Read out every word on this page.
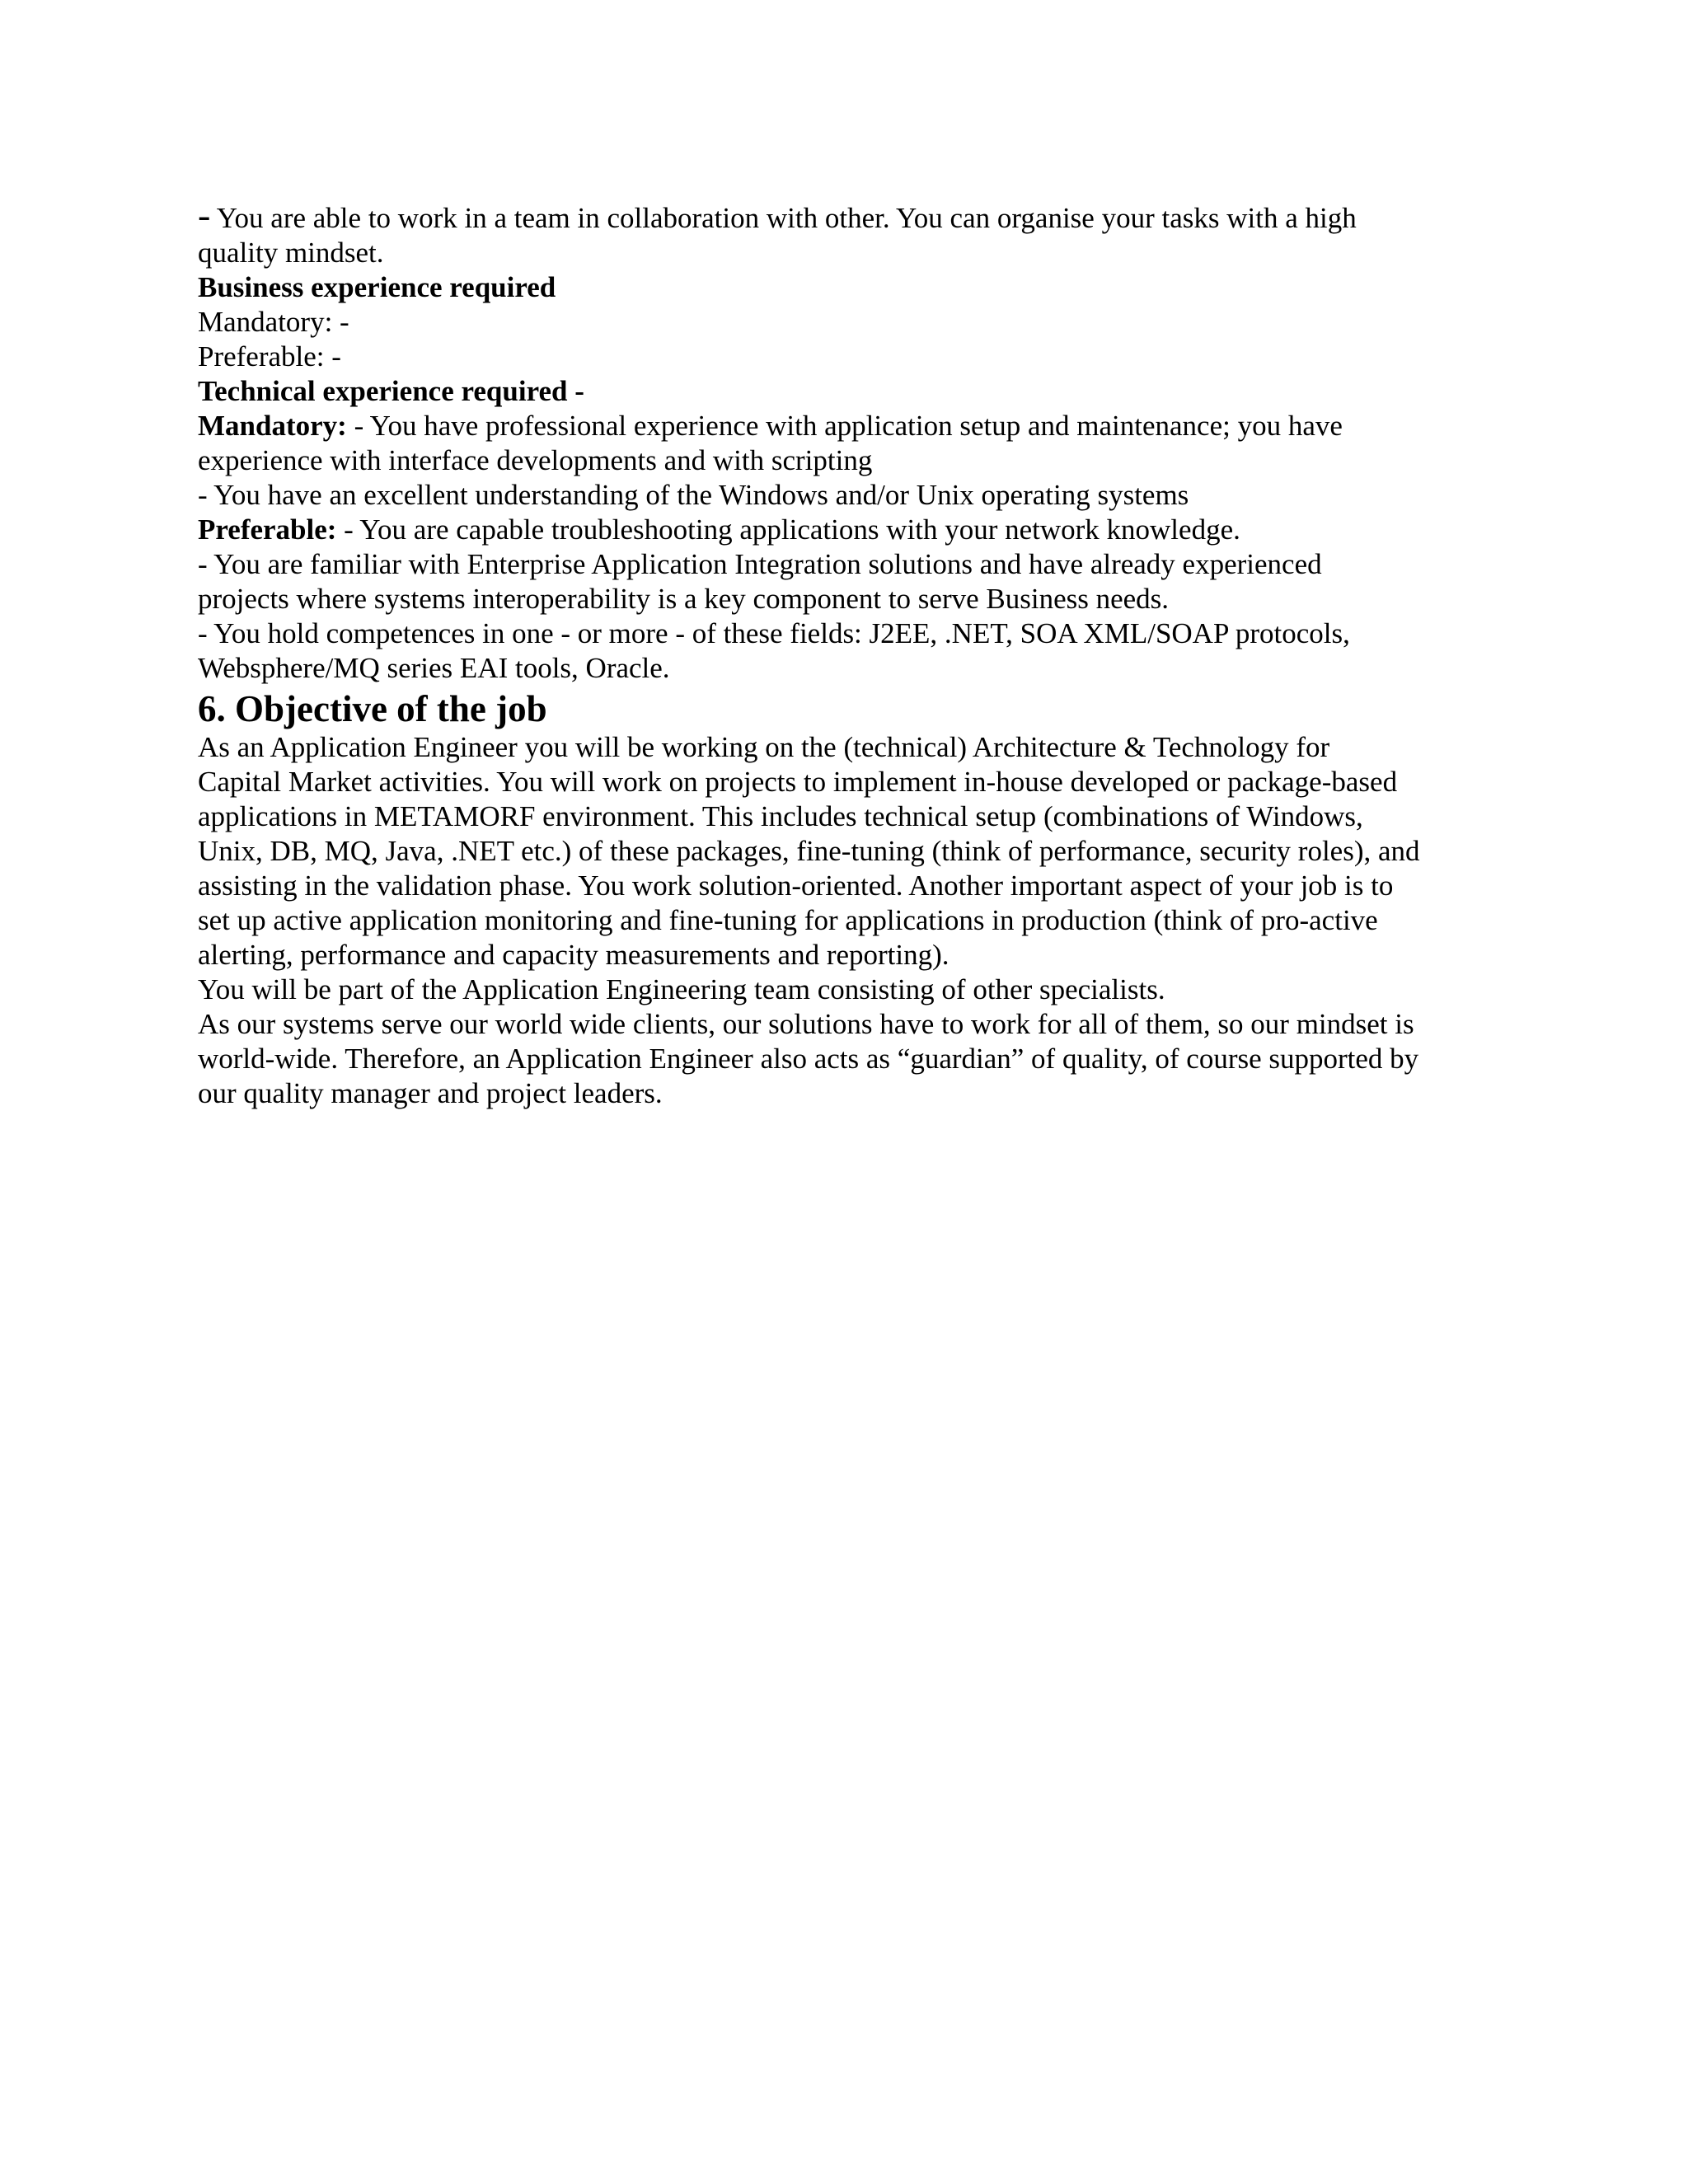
- You are able to work in a team in collaboration with other. You can organise your tasks with a high

quality mindset.

Business experience required

Mandatory: -

Preferable: -

Technical experience required -

Mandatory: - You have professional experience with application setup and maintenance; you have

experience with interface developments and with scripting

- You have an excellent understanding of the Windows and/or Unix operating systems

Preferable: - You are capable troubleshooting applications with your network knowledge.

- You are familiar with Enterprise Application Integration solutions and have already experienced

projects where systems interoperability is a key component to serve Business needs.

- You hold competences in one - or more - of these fields: J2EE, .NET, SOA XML/SOAP protocols,

Websphere/MQ series EAI tools, Oracle.

6. Objective of the job

As an Application Engineer you will be working on the (technical) Architecture & Technology for

Capital Market activities. You will work on projects to implement in-house developed or package-based

applications in METAMORF environment. This includes technical setup (combinations of Windows,

Unix, DB, MQ, Java, .NET etc.) of these packages, fine-tuning (think of performance, security roles), and

assisting in the validation phase. You work solution-oriented. Another important aspect of your job is to

set up active application monitoring and fine-tuning for applications in production (think of pro-active

alerting, performance and capacity measurements and reporting).

You will be part of the Application Engineering team consisting of other specialists.

As our systems serve our world wide clients, our solutions have to work for all of them, so our mindset is

world-wide. Therefore, an Application Engineer also acts as “guardian” of quality, of course supported by

our quality manager and project leaders.
